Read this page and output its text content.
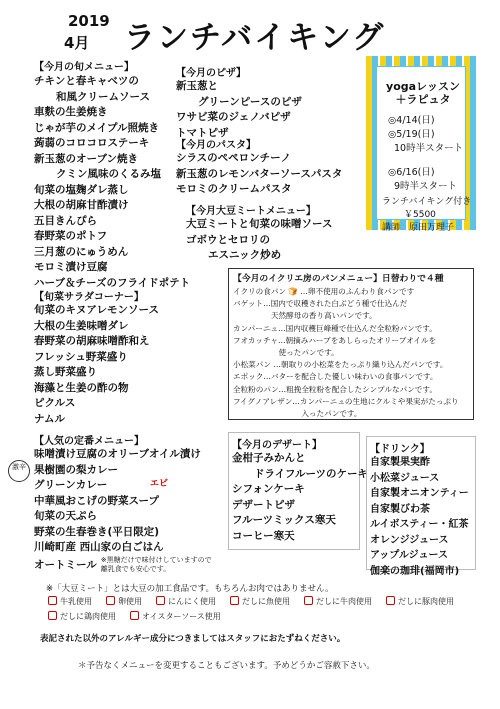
2019
4月 ランチバイキング
【今月の旬メニュー】
チキンと春キャベツの
和風クリームソース
車麩の生姜焼き
じゃが芋のメイプル照焼き
蒟蒻のコロコロステーキ
新玉葱のオーブン焼き
クミン風味のくるみ塩
旬菜の塩麹ダレ蒸し
大根の胡麻甘酢漬け
五目きんぴら
春野菜のポトフ
三月葱のにゅうめん
モロミ漬け豆腐
ハーブ＆チーズのフライドポテト
【今月のピザ】
新玉葱と
グリーンピースのピザ
ワサビ菜のジェノバピザ
トマトピザ
【今月のパスタ】
シラスのペペロンチーノ
新玉葱のレモンバターソースパスタ
モロミのクリームパスタ
【今月大豆ミートメニュー】
大豆ミートと旬菜の味噌ソース
ゴボウとセロリの
エスニック炒め
yogaレッスン
＋ラピュタ
◎4/14(日)
◎5/19(日)
10時半スタート
◎6/16(日)
9時半スタート
ランチバイキング付き
￥5500
講師　原田万理子
【今月のイクリエ房のパンメニュー】日替わりで４種
イクリの食パン 🍞 …卵不使用のふんわり食パンです
バゲット…国内で収穫された白ぶどう種で仕込んだ
　　　　　天然酵母の香り高いパンです。
カンパーニュ…国内収穫巨峰種で仕込んだ全粒粉パンです。
フオカッチャ…朝摘みハーブをあしらったオリーブオイルを
　　　　　　使ったパンです。
小松菜パン …朝取りの小松菜をたっぷり織り込んだパンです。
エポック…バターを配合した優しい味わいの食事パンです。
全粒粉のパン…粗挽全粒粉を配合したシンプルなパンです。
フイグノアレザン…カンパーニュの生地にクルミや果実がたっぷり
　　　　　　　　　入ったパンです。
【旬菜サラダコーナー】
旬菜のキヌアレモンソース
大根の生姜味噌ダレ
春野菜の胡麻味噌酢和え
フレッシュ野菜盛り
蒸し野菜盛り
海藻と生姜の酢の物
ピクルス
ナムル
【人気の定番メニュー】
味噌漬け豆腐のオリーブオイル漬け
果樹園の梨カレー
グリーンカレー
中華風おこげの野菜スープ
旬菜の天ぷら
野菜の生春巻き(平日限定)
川崎町産 西山家の白ごはん
オートミール ※黒糖だけで味付けしていますので
離乳食でも安心です。
激辛
エビ
【今月のデザート】
金柑子みかんと
ドライフルーツのケーキ
シフォンケーキ
デザートピザ
フルーツミックス寒天
コーヒー寒天
【ドリンク】
自家製果実酢
小松菜ジュース
自家製オニオンティー
自家製びわ茶
ルイボスティー・紅茶
オレンジジュース
アップルジュース
伽楽の珈琲(福岡市)
※「大豆ミート」とは大豆の加工食品です。もちろんお肉ではありません。
牛乳使用	卵使用	にんにく使用	だしに魚使用	だしに牛肉使用	だしに豚肉使用
だしに鶏肉使用	オイスターソース使用
表記された以外のアレルギー成分につきましてはスタッフにおたずねください。
＊予告なくメニューを変更することもございます。予めどうかご容赦下さい。
